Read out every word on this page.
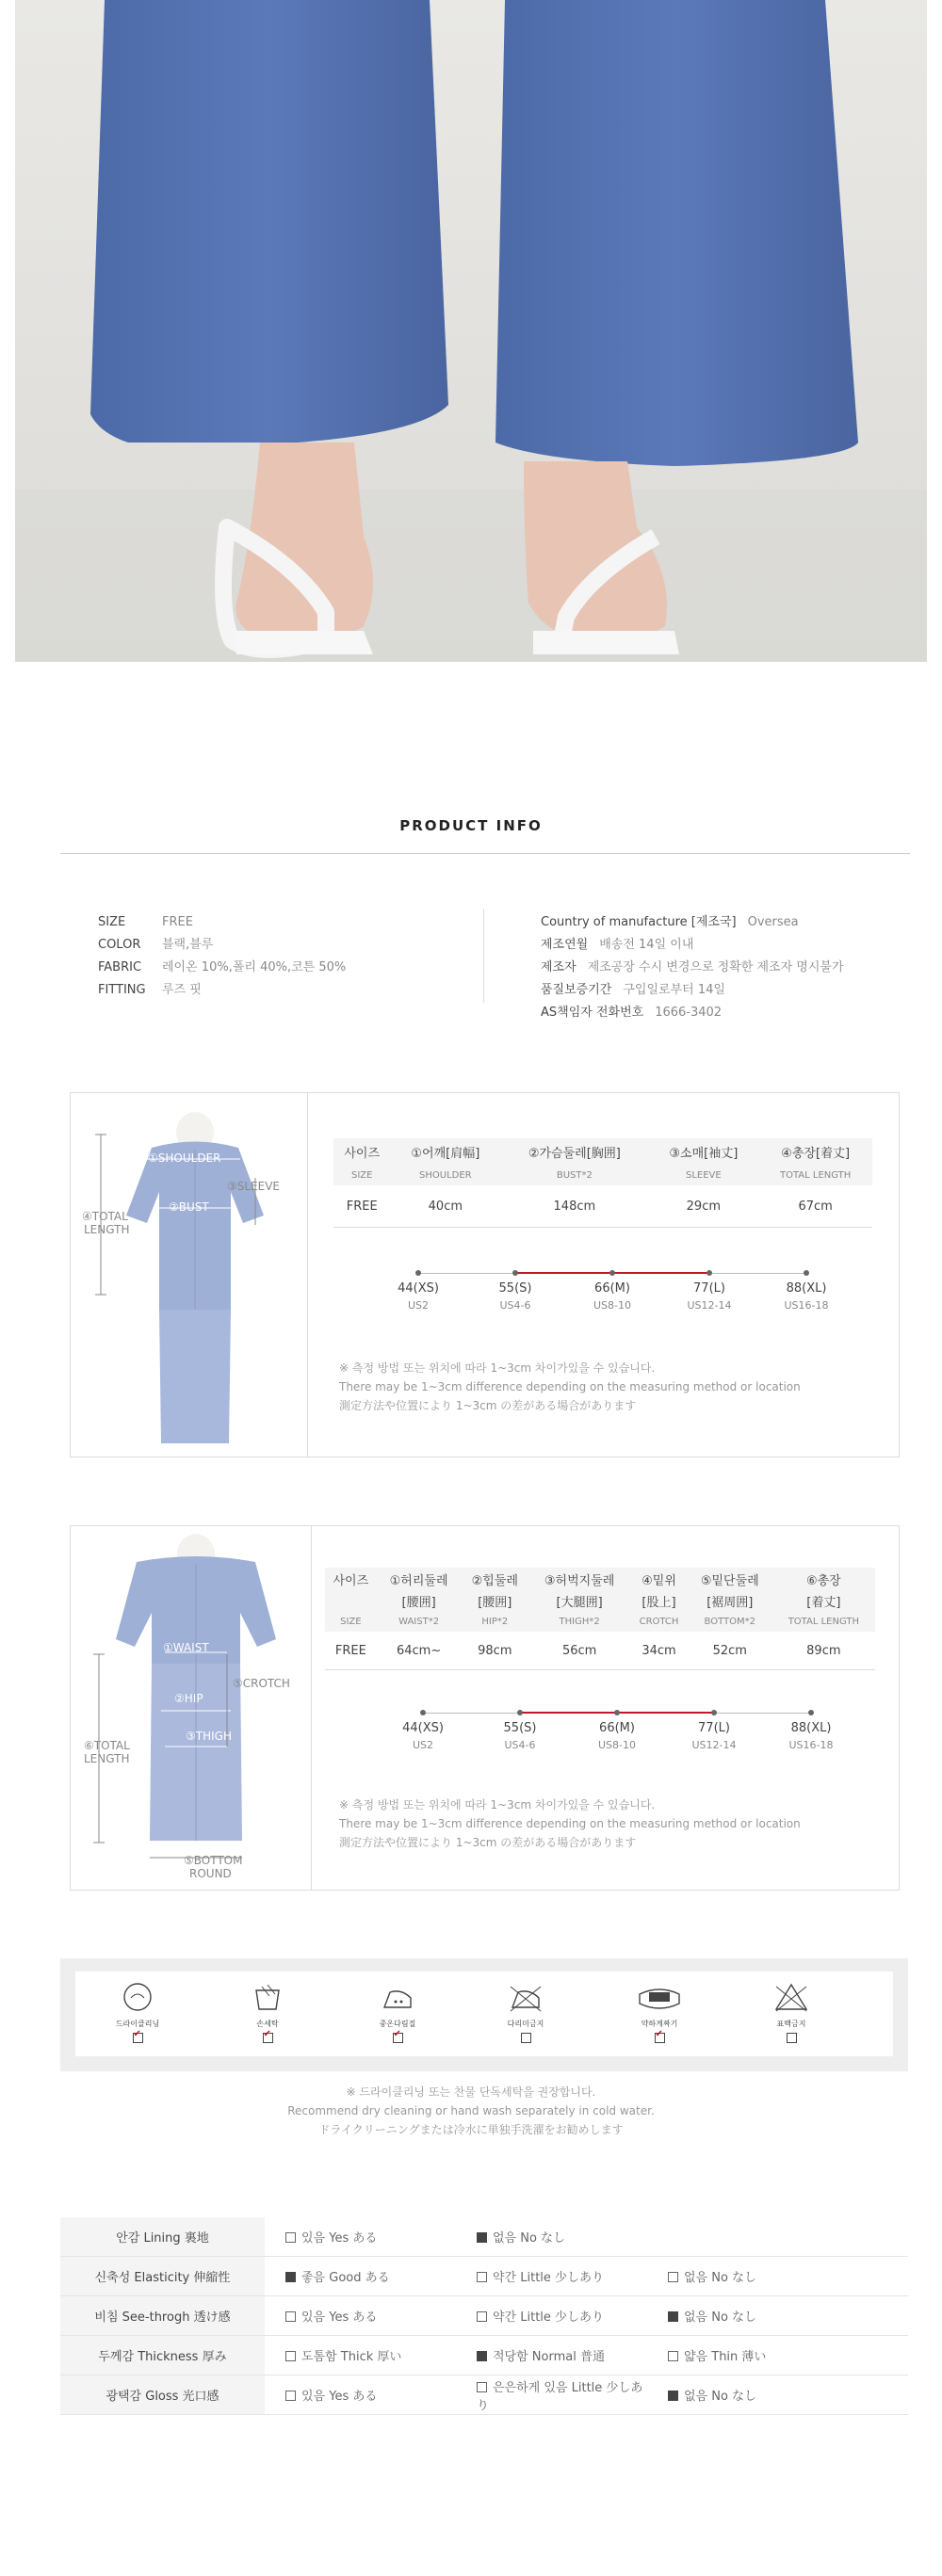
PRODUCT INFO
SIZE	FREE
COLOR 블랙,블루
FABRIC 레이온 10%,폴리 40%,코튼 50%
FITTING 루즈 핏
Country of manufacture [제조국] Oversea
제조연월 배송전 14일 이내
제조자 제조공장 수시 변경으로 정확한 제조자 명시불가
품질보증기간 구입일로부터 14일
AS책임자 전화번호 1666-3402
①SHOULDER
③SLEEVE
②BUST
④TOTAL
LENGTH
사이즈	①어깨[肩幅]	②가슴둘레[胸囲]	③소매[袖丈]	④총장[着丈]
SIZE	SHOULDER	BUST*2	SLEEVE	TOTAL LENGTH
FREE	40cm	148cm	29cm	67cm
44(XS)
US2
55(S)
US4-6
66(M)
US8-10
77(L)
US12-14
88(XL)
US16-18
※ 측정 방법 또는 위치에 따라 1~3cm 차이가있을 수 있습니다.
There may be 1~3cm difference depending on the measuring method or location
測定方法や位置により 1~3cm の差がある場合があります
①WAIST
②HIP
⑤CROTCH
③THIGH
⑥TOTAL
LENGTH
⑤BOTTOM
ROUND
사이즈	①허리둘레	②힙둘레	③허벅지둘레	④밑위	⑤밑단둘레	⑥총장
	[腰囲]	[腰囲]	[大腿囲]	[股上]	[裾周囲]	[着丈]
SIZE	WAIST*2	HIP*2	THIGH*2	CROTCH	BOTTOM*2	TOTAL LENGTH
FREE	64cm~	98cm	56cm	34cm	52cm	89cm
44(XS)
US2
55(S)
US4-6
66(M)
US8-10
77(L)
US12-14
88(XL)
US16-18
※ 측정 방법 또는 위치에 따라 1~3cm 차이가있을 수 있습니다.
There may be 1~3cm difference depending on the measuring method or location
測定方法や位置により 1~3cm の差がある場合があります
드라이클리닝
✔	손세탁
✔	중온다림질
✔	다리미금지	약하게짜기
✔	표백금지
※ 드라이클리닝 또는 찬물 단독세탁을 권장합니다.
Recommend dry cleaning or hand wash separately in cold water.
ドライクリーニングまたは冷水に単独手洗濯をお勧めします
안감 Lining 裏地	있음 Yes ある	없음 No なし	
신축성 Elasticity 伸縮性	좋음 Good ある	약간 Little 少しあり	없음 No なし
비침 See-throgh 透け感	있음 Yes ある	약간 Little 少しあり	없음 No なし
두께감 Thickness 厚み	도톰함 Thick 厚い	적당함 Normal 普通	얇음 Thin 薄い
광택감 Gloss 光口感	있음 Yes ある	은은하게 있음 Little 少しあり	없음 No なし
